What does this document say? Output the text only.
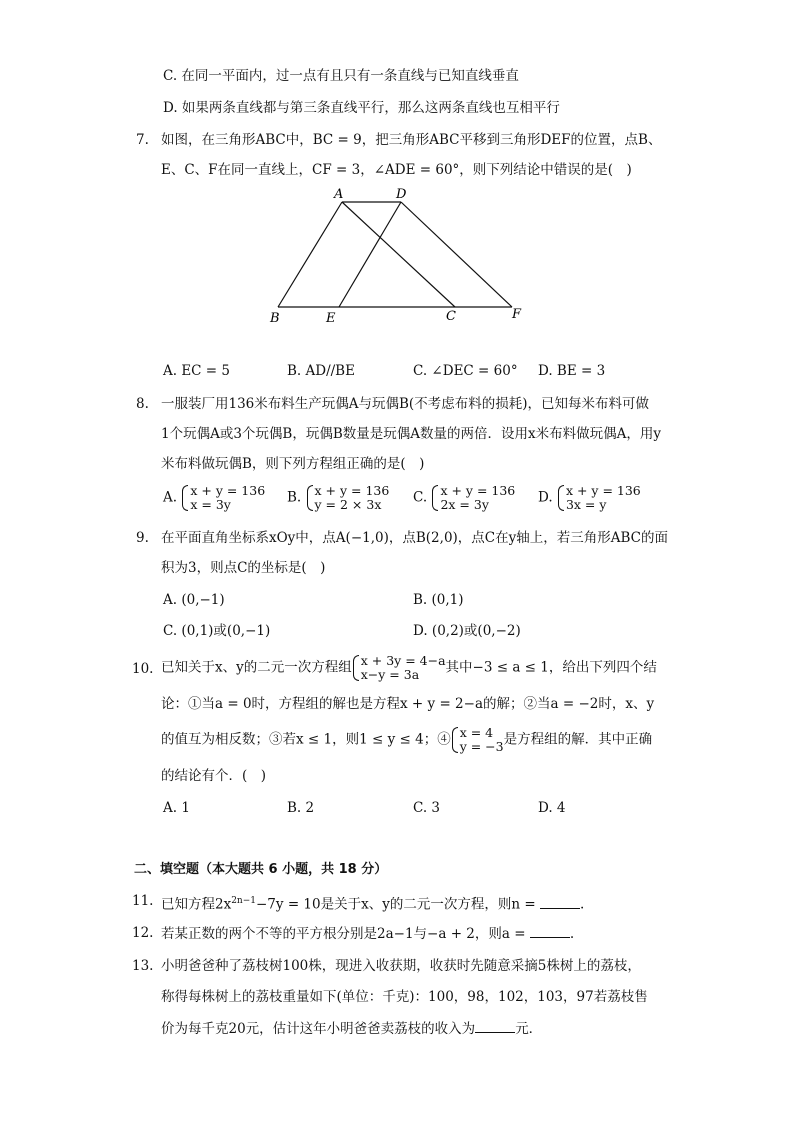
C. 在同一平面内，过一点有且只有一条直线与已知直线垂直
D. 如果两条直线都与第三条直线平行，那么这两条直线也互相平行
7. 如图，在三角形ABC中，BC = 9，把三角形ABC平移到三角形DEF的位置，点B、
E、C、F在同一直线上，CF = 3，∠ADE = 60°，则下列结论中错误的是(　)
A	D
B	E	C	F
A. EC = 5	B. AD//BE	C. ∠DEC = 60° D. BE = 3
8. 一服装厂用136米布料生产玩偶A与玩偶B(不考虑布料的损耗)，已知每米布料可做
1个玩偶A或3个玩偶B，玩偶B数量是玩偶A数量的两倍．设用x米布料做玩偶A，用y
米布料做玩偶B，则下列方程组正确的是(　)
A. x + y = 136
x = 3y	B. x + y = 136
y = 2 × 3x	C. x + y = 136
2x = 3y	D. x + y = 136
3x = y
9. 在平面直角坐标系xOy中，点A(−1,0)，点B(2,0)，点C在y轴上，若三角形ABC的面
积为3，则点C的坐标是(　)
A. (0,−1)	B. (0,1)
C. (0,1)或(0,−1)	D. (0,2)或(0,−2)
10. 已知关于x、y的二元一次方程组 x + 3y = 4−a
x−y = 3a	其中−3 ≤ a ≤ 1，给出下列四个结
论：①当a = 0时，方程组的解也是方程x + y = 2−a的解；②当a = −2时，x、y
的值互为相反数；③若x ≤ 1，则1 ≤ y ≤ 4；④ x = 4
y = −3 是方程组的解．其中正确
的结论有个．(　)
A. 1	B. 2	C. 3	D. 4
二、填空题（本大题共 6 小题，共 18 分）
11. 已知方程$2x^{2n-1}-7y = 10$是关于x、y的二元一次方程，则n =	.
12. 若某正数的两个不等的平方根分别是2a−1与−a + 2，则a =	.
13. 小明爸爸种了荔枝树100株，现进入收获期，收获时先随意采摘5株树上的荔枝，
称得每株树上的荔枝重量如下(单位：千克)：100，98，102，103，97若荔枝售
价为每千克20元，估计这年小明爸爸卖荔枝的收入为	元．
